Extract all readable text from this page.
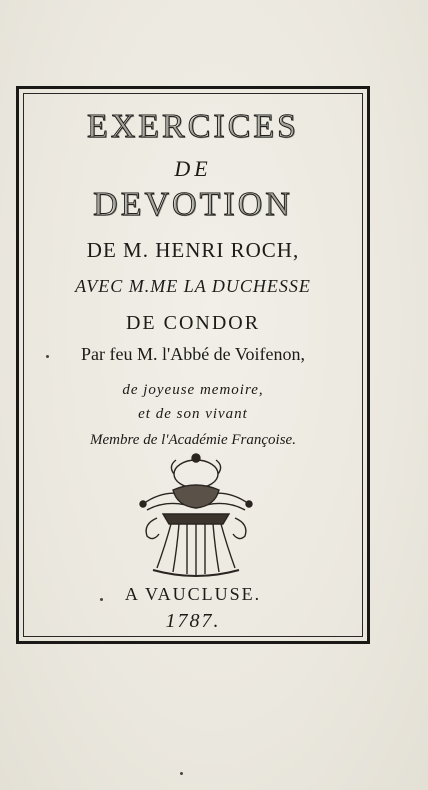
EXERCICES
DE
DEVOTION
DE M. HENRI ROCH,
AVEC M.ME LA DUCHESSE
DE CONDOR
Par feu M. l'Abbé de Voifenon,
de joyeuse memoire,
et de son vivant
Membre de l'Académie Françoise.
A VAUCLUSE.
1787.
